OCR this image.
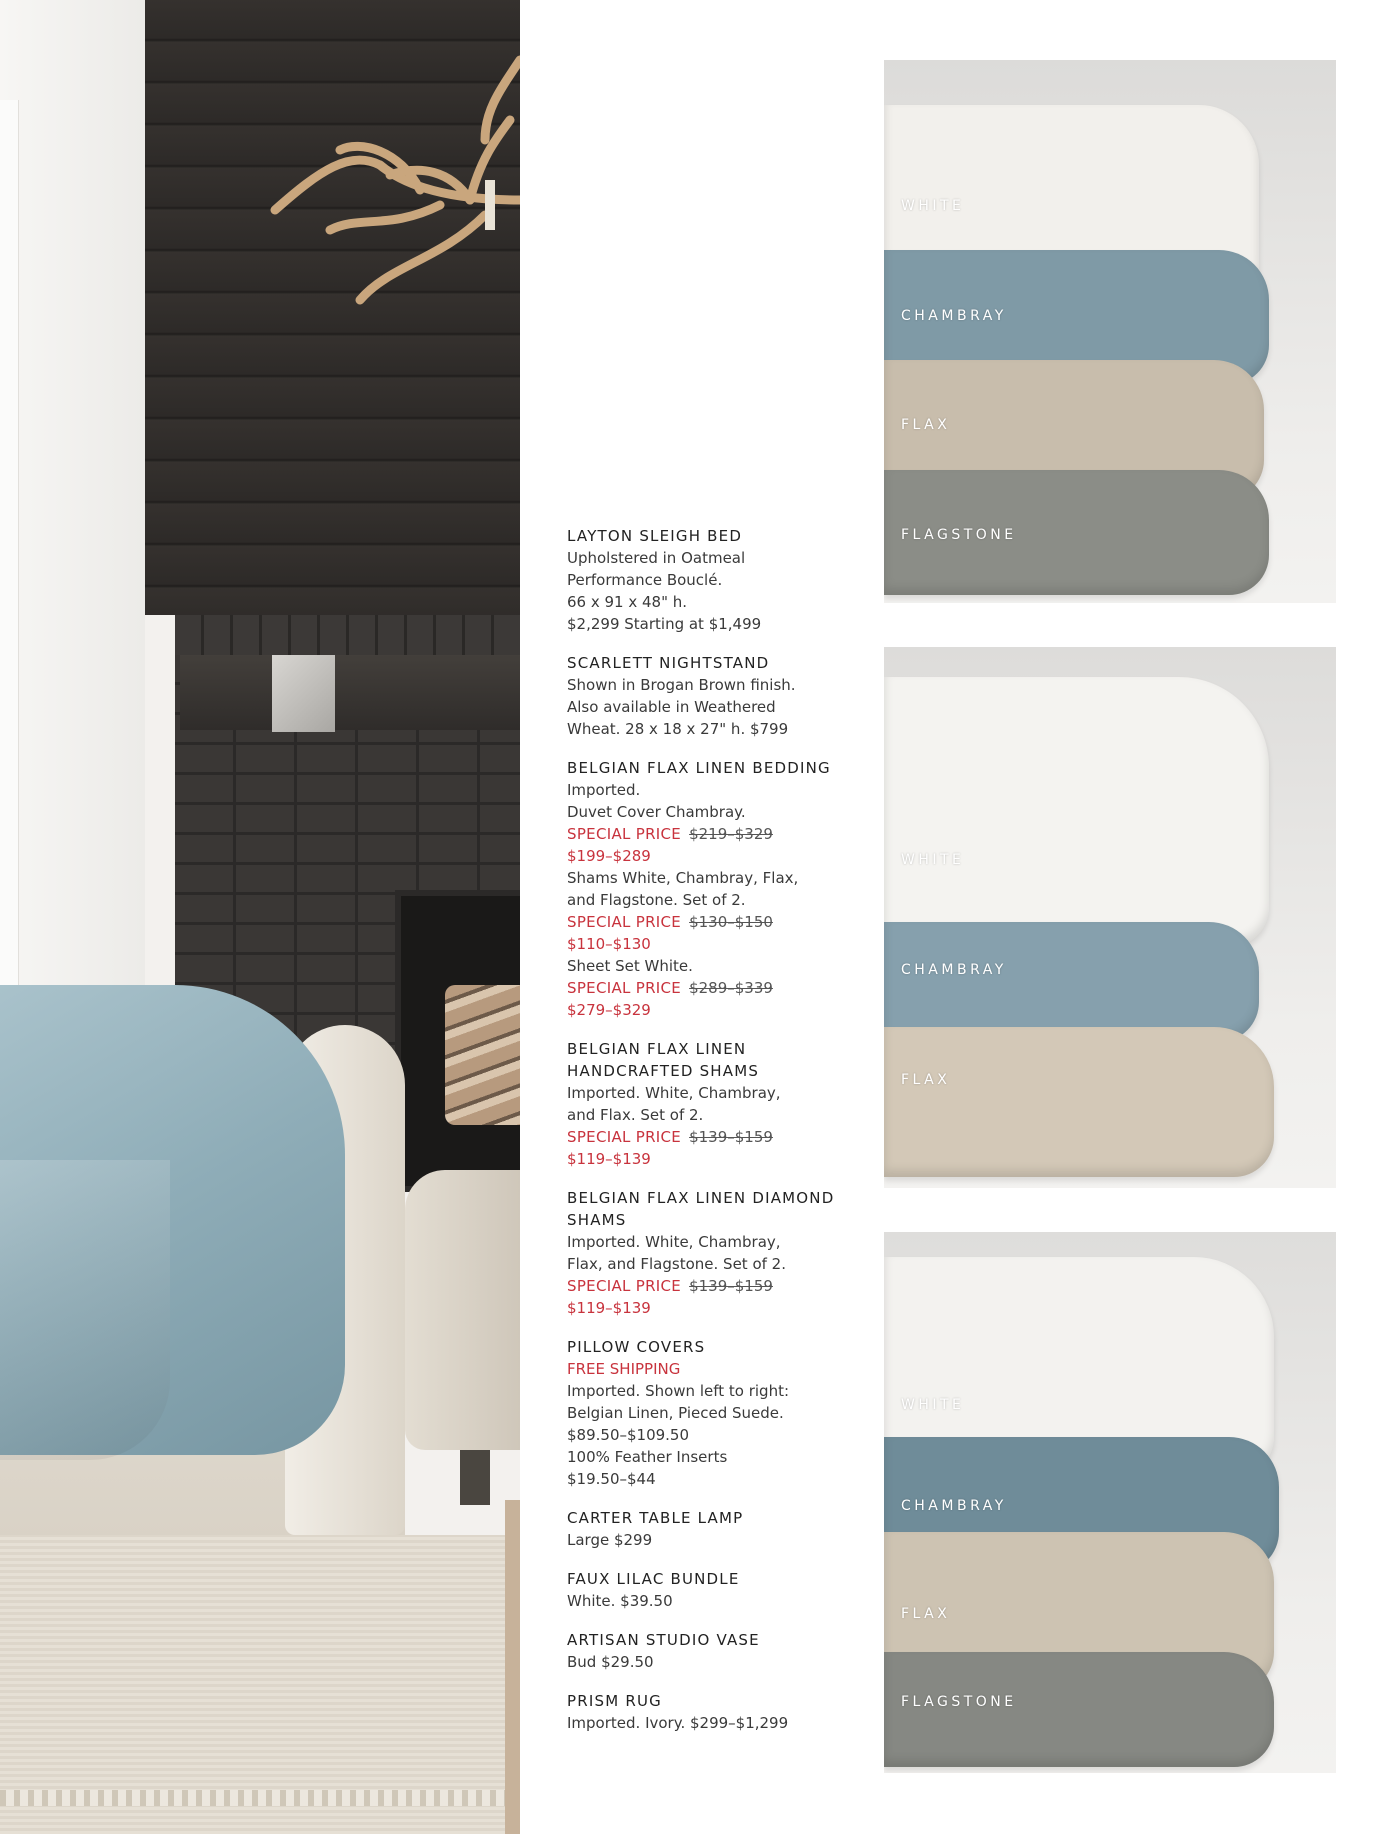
LAYTON SLEIGH BED
Upholstered in Oatmeal
Performance Bouclé.
66 x 91 x 48" h.
$2,299 Starting at $1,499
SCARLETT NIGHTSTAND
Shown in Brogan Brown finish.
Also available in Weathered
Wheat. 28 x 18 x 27" h. $799
BELGIAN FLAX LINEN BEDDING
Imported.
Duvet Cover Chambray.
SPECIAL PRICE $219–$329
$199–$289
Shams White, Chambray, Flax,
and Flagstone. Set of 2.
SPECIAL PRICE $130–$150
$110–$130
Sheet Set White.
SPECIAL PRICE $289–$339
$279–$329
BELGIAN FLAX LINEN HANDCRAFTED SHAMS
Imported. White, Chambray,
and Flax. Set of 2.
SPECIAL PRICE $139–$159
$119–$139
BELGIAN FLAX LINEN DIAMOND SHAMS
Imported. White, Chambray,
Flax, and Flagstone. Set of 2.
SPECIAL PRICE $139–$159
$119–$139
PILLOW COVERS
FREE SHIPPING
Imported. Shown left to right:
Belgian Linen, Pieced Suede.
$89.50–$109.50
100% Feather Inserts
$19.50–$44
CARTER TABLE LAMP
Large $299
FAUX LILAC BUNDLE
White. $39.50
ARTISAN STUDIO VASE
Bud $29.50
PRISM RUG
Imported. Ivory. $299–$1,299
WHITE
CHAMBRAY
FLAX
FLAGSTONE
WHITE
CHAMBRAY
FLAX
WHITE
CHAMBRAY
FLAX
FLAGSTONE
